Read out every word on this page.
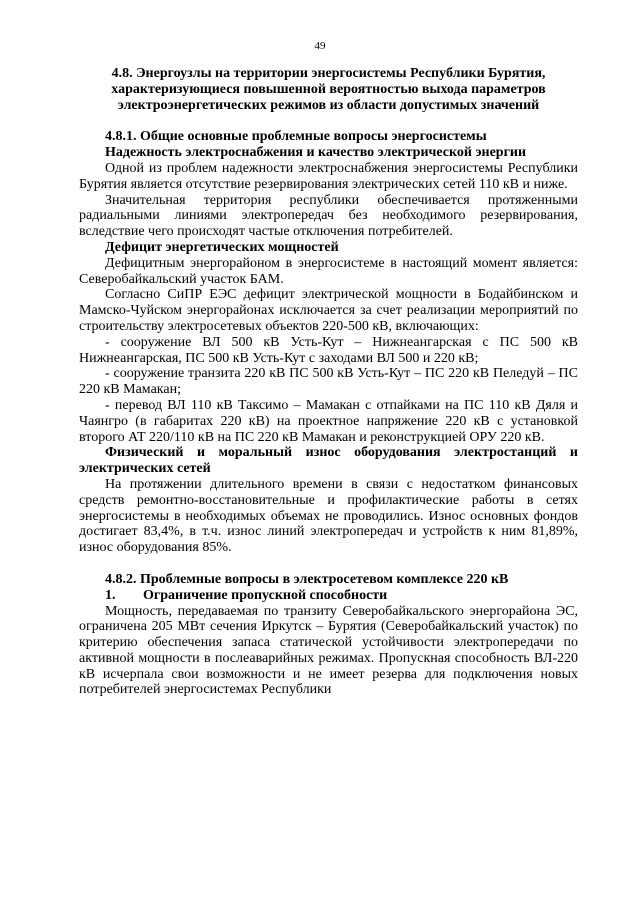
49

4.8. Энергоузлы на территории энергосистемы Республики Бурятия, характеризующиеся повышенной вероятностью выхода параметров электроэнергетических режимов из области допустимых значений

4.8.1. Общие основные проблемные вопросы энергосистемы

Надежность электроснабжения и качество электрической энергии

Одной из проблем надежности электроснабжения энергосистемы Республики Бурятия является отсутствие резервирования электрических сетей 110 кВ и ниже.

Значительная территория республики обеспечивается протяженными радиальными линиями электропередач без необходимого резервирования, вследствие чего происходят частые отключения потребителей.

Дефицит энергетических мощностей

Дефицитным энергорайоном в энергосистеме в настоящий момент является: Северобайкальский участок БАМ.

Согласно СиПР ЕЭС дефицит электрической мощности в Бодайбинском и Мамско-Чуйском энергорайонах исключается за счет реализации мероприятий по строительству электросетевых объектов 220-500 кВ, включающих:

- сооружение ВЛ 500 кВ Усть-Кут – Нижнеангарская с ПС 500 кВ Нижнеангарская, ПС 500 кВ Усть-Кут с заходами ВЛ 500 и 220 кВ;

- сооружение транзита 220 кВ ПС 500 кВ Усть-Кут – ПС 220 кВ Пеледуй – ПС 220 кВ Мамакан;

- перевод ВЛ 110 кВ Таксимо – Мамакан с отпайками на ПС 110 кВ Дяля и Чаянгро (в габаритах 220 кВ) на проектное напряжение 220 кВ с установкой второго АТ 220/110 кВ на ПС 220 кВ Мамакан и реконструкцией ОРУ 220 кВ.

Физический и моральный износ оборудования электростанций и электрических сетей

На протяжении длительного времени в связи с недостатком финансовых средств ремонтно-восстановительные и профилактические работы в сетях энергосистемы в необходимых объемах не проводились. Износ основных фондов достигает 83,4%, в т.ч. износ линий электропередач и устройств к ним 81,89%, износ оборудования 85%.

4.8.2. Проблемные вопросы в электросетевом комплексе 220 кВ

1. Ограничение пропускной способности

Мощность, передаваемая по транзиту Северобайкальского энергорайона ЭС, ограничена 205 МВт сечения Иркутск – Бурятия (Северобайкальский участок) по критерию обеспечения запаса статической устойчивости электропередачи по активной мощности в послеаварийных режимах. Пропускная способность ВЛ-220 кВ исчерпала свои возможности и не имеет резерва для подключения новых потребителей энергосистемах Республики
